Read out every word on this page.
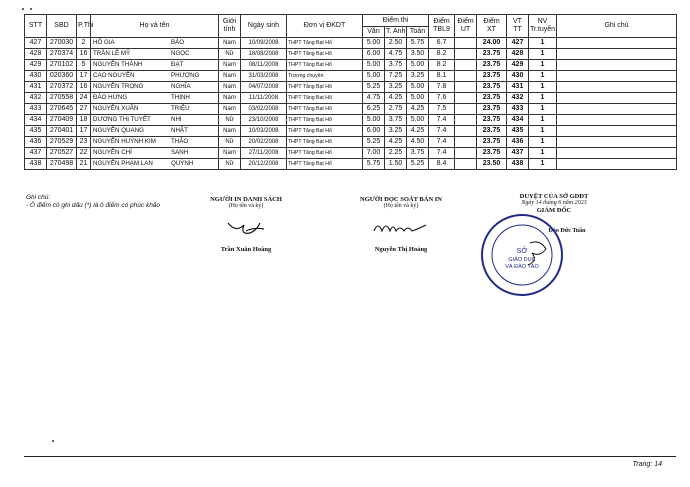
STT	SBD	P.Thi	Họ và tên	Giới tính	Ngày sinh	Đơn vị ĐKDT	Điểm thi			Điểm TBL9	Điểm UT	Điểm XT	VT TT	NV Tr.tuyển	Ghi chú
							Văn	T. Anh	Toán						
427	270030	2	HỒ GIA BẢO	Nam	10/09/2008	THPT Tăng Bạt Hổ	5.00	2.50	5.75	6.7		24.00	427	1	
428	270374	16	TRẦN LÊ MỸ NGỌC	Nữ	18/08/2008	THPT Tăng Bạt Hổ	6.00	4.75	3.50	8.2		23.75	428	1	
429	270102	5	NGUYỄN THÀNH ĐẠT	Nam	08/11/2008	THPT Tăng Bạt Hổ	5.00	3.75	5.00	8.2		23.75	429	1	
430	020360	17	CAO NGUYỄN PHƯƠNG	Nam	31/03/2008	Trương chuyên	5.00	7.25	3.25	8.1		23.75	430	1	
431	270372	16	NGUYỄN TRỌNG NGHĨA	Nam	04/07/2008	THPT Tăng Bạt Hổ	5.25	3.25	5.00	7.8		23.75	431	1	
432	270558	24	ĐÀO HỪNG THỊNH	Nam	11/11/2008	THPT Tăng Bạt Hổ	4.75	4.25	5.00	7.6		23.75	432	1	
433	270645	27	NGUYỄN XUÂN TRIỆU	Nam	03/02/2008	THPT Tăng Bạt Hổ	6.25	2.75	4.25	7.5		23.75	433	1	
434	270409	18	DƯƠNG THỊ TUYẾT NHI	Nữ	23/10/2008	THPT Tăng Bạt Hổ	5.00	3.75	5.00	7.4		23.75	434	1	
435	270401	17	NGUYỄN QUANG NHẬT	Nam	10/03/2008	THPT Tăng Bạt Hổ	6.00	3.25	4.25	7.4		23.75	435	1	
436	270529	23	NGUYỄN HUỲNH KIM THẢO	Nữ	20/02/2008	THPT Tăng Bạt Hổ	5.25	4.25	4.50	7.4		23.75	436	1	
437	270527	22	NGUYỄN CHÍ SANH	Nam	27/11/2008	THPT Tăng Bạt Hổ	7.00	2.25	3.75	7.4		23.75	437	1	
438	270498	21	NGUYỄN PHẠM LAN QUỲNH	Nữ	20/12/2008	THPT Tăng Bạt Hổ	5.75	1.50	5.25	8.4		23.50	438	1	
Ghi chú:
- Ô điểm có ghi dấu (*) là ô điểm có phúc khảo
NGƯỜI IN DANH SÁCH
(Họ tên và ký)
Trần Xuân Hoàng
NGƯỜI ĐỌC SOÁT BẢN IN
(Họ tên và ký)
Nguyễn Thị Hoàng
DUYỆT CỦA SỞ GDĐT
Ngày 14 tháng 6 năm 2023
GIÁM ĐỐC
Đào Đức Tuấn
SỞ
GIÁO DỤC
VÀ ĐÀO TẠO
Trang: 14
